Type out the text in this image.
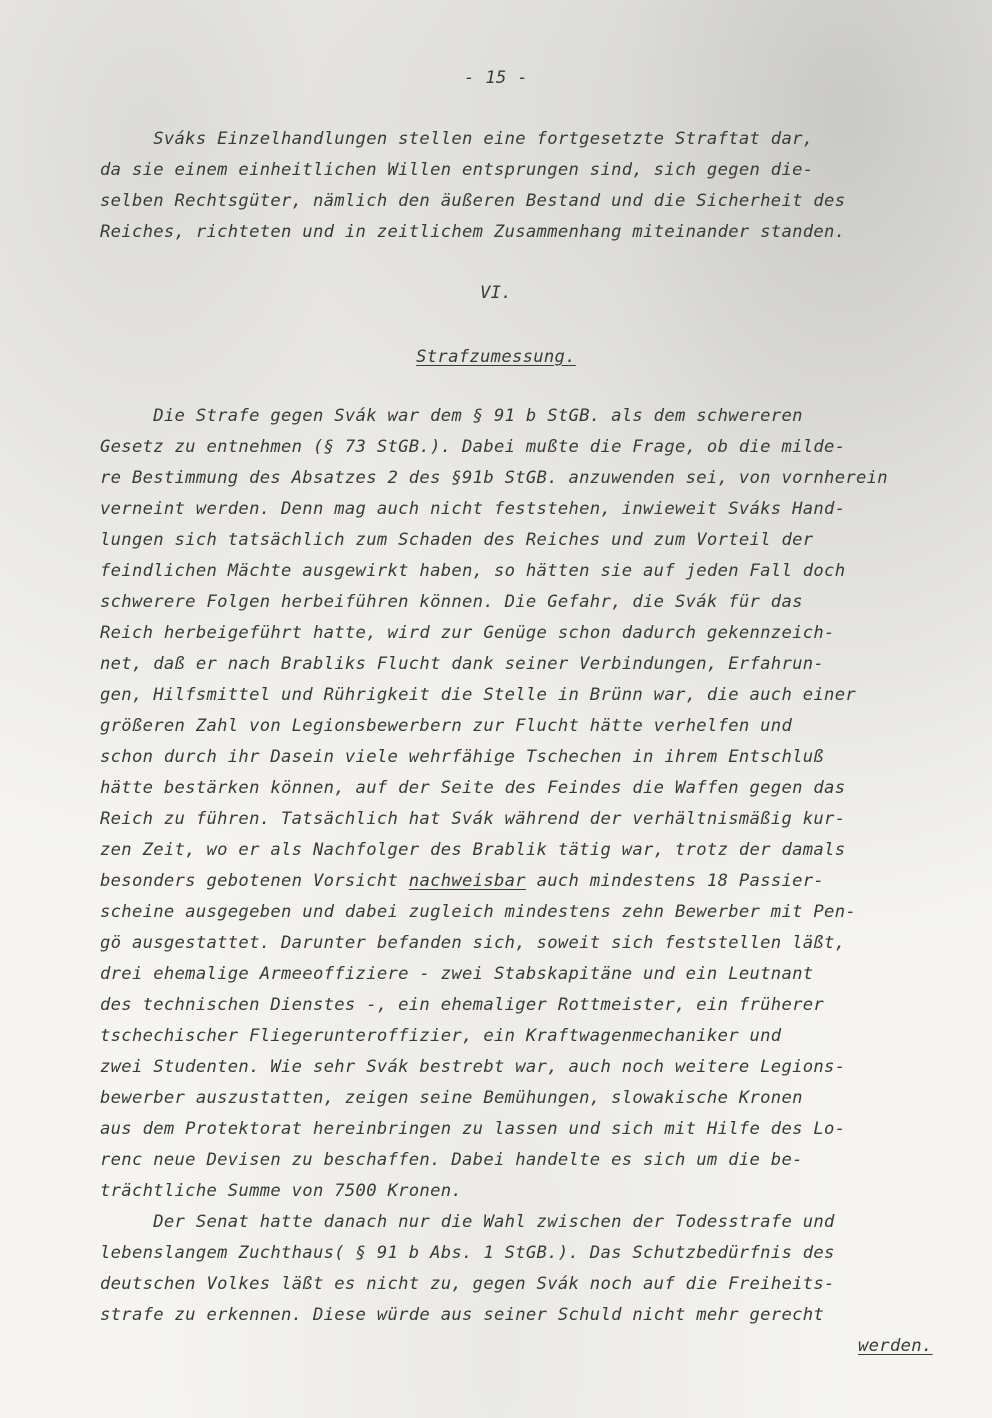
- 15 -
Sváks Einzelhandlungen stellen eine fortgesetzte Straftat dar,
da sie einem einheitlichen Willen entsprungen sind, sich gegen die-
selben Rechtsgüter, nämlich den äußeren Bestand und die Sicherheit des
Reiches, richteten und in zeitlichem Zusammenhang miteinander standen.
VI.
Strafzumessung.
Die Strafe gegen Svák war dem § 91 b StGB. als dem schwereren
Gesetz zu entnehmen (§ 73 StGB.). Dabei mußte die Frage, ob die milde-
re Bestimmung des Absatzes 2 des §91b StGB. anzuwenden sei, von vornherein
verneint werden. Denn mag auch nicht feststehen, inwieweit Sváks Hand-
lungen sich tatsächlich zum Schaden des Reiches und zum Vorteil der
feindlichen Mächte ausgewirkt haben, so hätten sie auf jeden Fall doch
schwerere Folgen herbeiführen können. Die Gefahr, die Svák für das
Reich herbeigeführt hatte, wird zur Genüge schon dadurch gekennzeich-
net, daß er nach Brabliks Flucht dank seiner Verbindungen, Erfahrun-
gen, Hilfsmittel und Rührigkeit die Stelle in Brünn war, die auch einer
größeren Zahl von Legionsbewerbern zur Flucht hätte verhelfen und
schon durch ihr Dasein viele wehrfähige Tschechen in ihrem Entschluß
hätte bestärken können, auf der Seite des Feindes die Waffen gegen das
Reich zu führen. Tatsächlich hat Svák während der verhältnismäßig kur-
zen Zeit, wo er als Nachfolger des Brablik tätig war, trotz der damals
besonders gebotenen Vorsicht nachweisbar auch mindestens 18 Passier-
scheine ausgegeben und dabei zugleich mindestens zehn Bewerber mit Pen-
gö ausgestattet. Darunter befanden sich, soweit sich feststellen läßt,
drei ehemalige Armeeoffiziere - zwei Stabskapitäne und ein Leutnant
des technischen Dienstes -, ein ehemaliger Rottmeister, ein früherer
tschechischer Fliegerunteroffizier, ein Kraftwagenmechaniker und
zwei Studenten. Wie sehr Svák bestrebt war, auch noch weitere Legions-
bewerber auszustatten, zeigen seine Bemühungen, slowakische Kronen
aus dem Protektorat hereinbringen zu lassen und sich mit Hilfe des Lo-
renc neue Devisen zu beschaffen. Dabei handelte es sich um die be-
trächtliche Summe von 7500 Kronen.
Der Senat hatte danach nur die Wahl zwischen der Todesstrafe und
lebenslangem Zuchthaus( § 91 b Abs. 1 StGB.). Das Schutzbedürfnis des
deutschen Volkes läßt es nicht zu, gegen Svák noch auf die Freiheits-
strafe zu erkennen. Diese würde aus seiner Schuld nicht mehr gerecht
werden.
